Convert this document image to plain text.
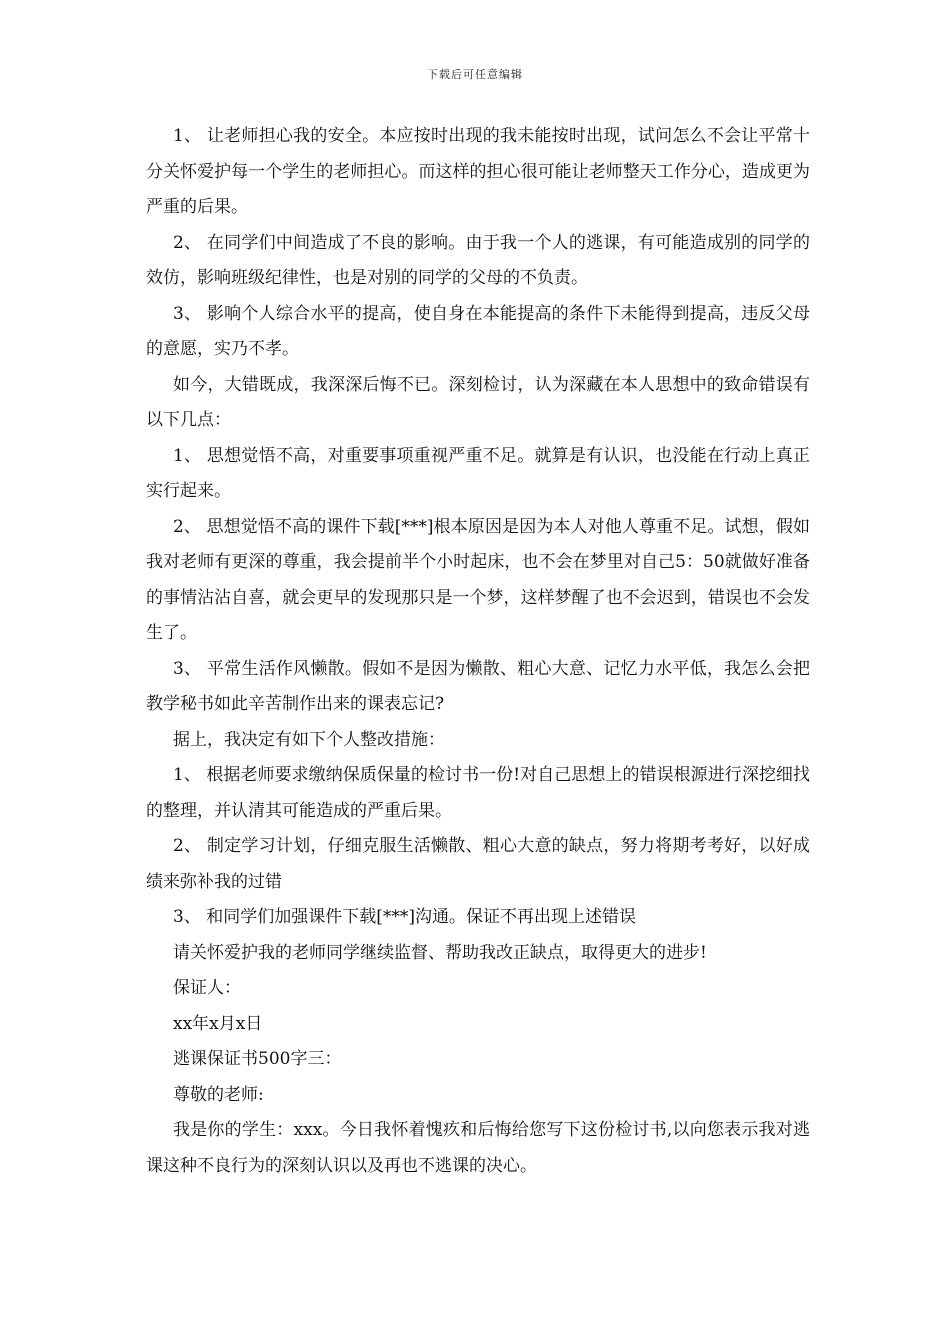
下载后可任意编辑

1、 让老师担心我的安全。本应按时出现的我未能按时出现，试问怎么不会让平常十分关怀爱护每一个学生的老师担心。而这样的担心很可能让老师整天工作分心，造成更为严重的后果。

2、 在同学们中间造成了不良的影响。由于我一个人的逃课，有可能造成别的同学的效仿，影响班级纪律性，也是对别的同学的父母的不负责。

3、 影响个人综合水平的提高，使自身在本能提高的条件下未能得到提高，违反父母的意愿，实乃不孝。

如今，大错既成，我深深后悔不已。深刻检讨，认为深藏在本人思想中的致命错误有以下几点：

1、 思想觉悟不高，对重要事项重视严重不足。就算是有认识，也没能在行动上真正实行起来。

2、 思想觉悟不高的课件下载[***]根本原因是因为本人对他人尊重不足。试想，假如我对老师有更深的尊重，我会提前半个小时起床，也不会在梦里对自己5：50就做好准备的事情沾沾自喜，就会更早的发现那只是一个梦，这样梦醒了也不会迟到，错误也不会发生了。

3、 平常生活作风懒散。假如不是因为懒散、粗心大意、记忆力水平低，我怎么会把教学秘书如此辛苦制作出来的课表忘记?

据上，我决定有如下个人整改措施：

1、 根据老师要求缴纳保质保量的检讨书一份!对自己思想上的错误根源进行深挖细找的整理，并认清其可能造成的严重后果。

2、 制定学习计划，仔细克服生活懒散、粗心大意的缺点，努力将期考考好，以好成绩来弥补我的过错

3、 和同学们加强课件下载[***]沟通。保证不再出现上述错误

请关怀爱护我的老师同学继续监督、帮助我改正缺点，取得更大的进步!

保证人：

xx年x月x日

逃课保证书500字三：

尊敬的老师:

我是你的学生：xxx。今日我怀着愧疚和后悔给您写下这份检讨书,以向您表示我对逃课这种不良行为的深刻认识以及再也不逃课的决心。
